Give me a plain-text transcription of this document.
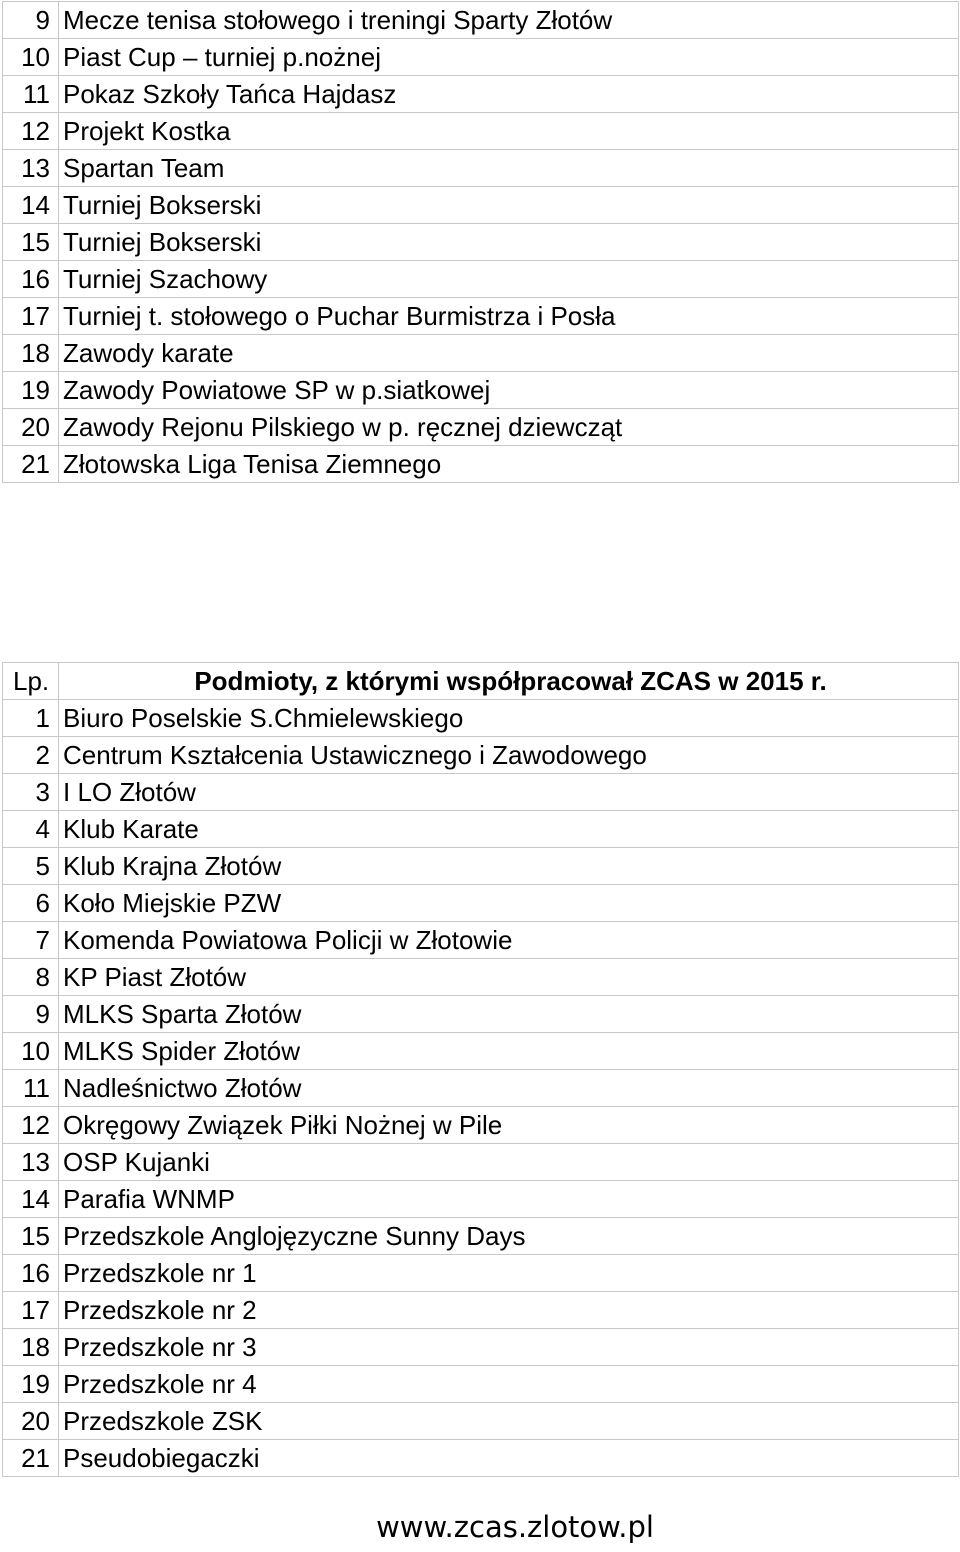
9	Mecze tenisa stołowego i treningi Sparty Złotów
10	Piast Cup – turniej p.nożnej
11	Pokaz Szkoły Tańca Hajdasz
12	Projekt Kostka
13	Spartan Team
14	Turniej Bokserski
15	Turniej Bokserski
16	Turniej Szachowy
17	Turniej t. stołowego o Puchar Burmistrza i Posła
18	Zawody karate
19	Zawody Powiatowe SP w p.siatkowej
20	Zawody Rejonu Pilskiego w p. ręcznej dziewcząt
21	Złotowska Liga Tenisa Ziemnego
Lp.	Podmioty, z którymi współpracował ZCAS w 2015 r.
1	Biuro Poselskie S.Chmielewskiego
2	Centrum Kształcenia Ustawicznego i Zawodowego
3	I LO Złotów
4	Klub Karate
5	Klub Krajna Złotów
6	Koło Miejskie PZW
7	Komenda Powiatowa Policji w Złotowie
8	KP Piast Złotów
9	MLKS Sparta Złotów
10	MLKS Spider Złotów
11	Nadleśnictwo Złotów
12	Okręgowy Związek Piłki Nożnej w Pile
13	OSP Kujanki
14	Parafia WNMP
15	Przedszkole Anglojęzyczne Sunny Days
16	Przedszkole nr 1
17	Przedszkole nr 2
18	Przedszkole nr 3
19	Przedszkole nr 4
20	Przedszkole ZSK
21	Pseudobiegaczki
www.zcas.zlotow.pl
